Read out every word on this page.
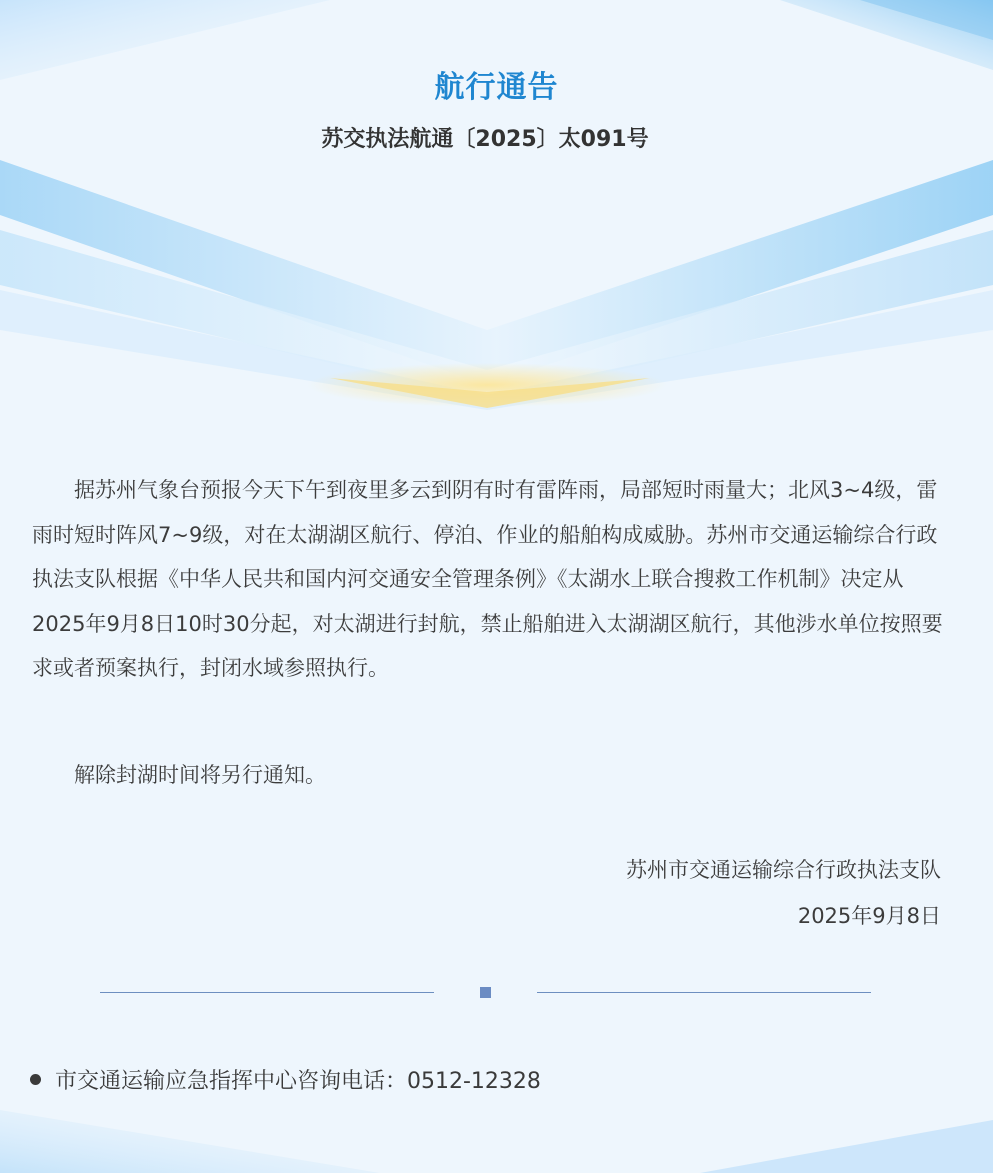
航行通告
苏交执法航通〔2025〕太091号

据苏州气象台预报今天下午到夜里多云到阴有时有雷阵雨，局部短时雨量大；北风3~4级，雷雨时短时阵风7~9级，对在太湖湖区航行、停泊、作业的船舶构成威胁。苏州市交通运输综合行政执法支队根据《中华人民共和国内河交通安全管理条例》《太湖水上联合搜救工作机制》决定从2025年9月8日10时30分起，对太湖进行封航，禁止船舶进入太湖湖区航行，其他涉水单位按照要求或者预案执行，封闭水域参照执行。

解除封湖时间将另行通知。

苏州市交通运输综合行政执法支队
2025年9月8日
市交通运输应急指挥中心咨询电话：0512-12328
